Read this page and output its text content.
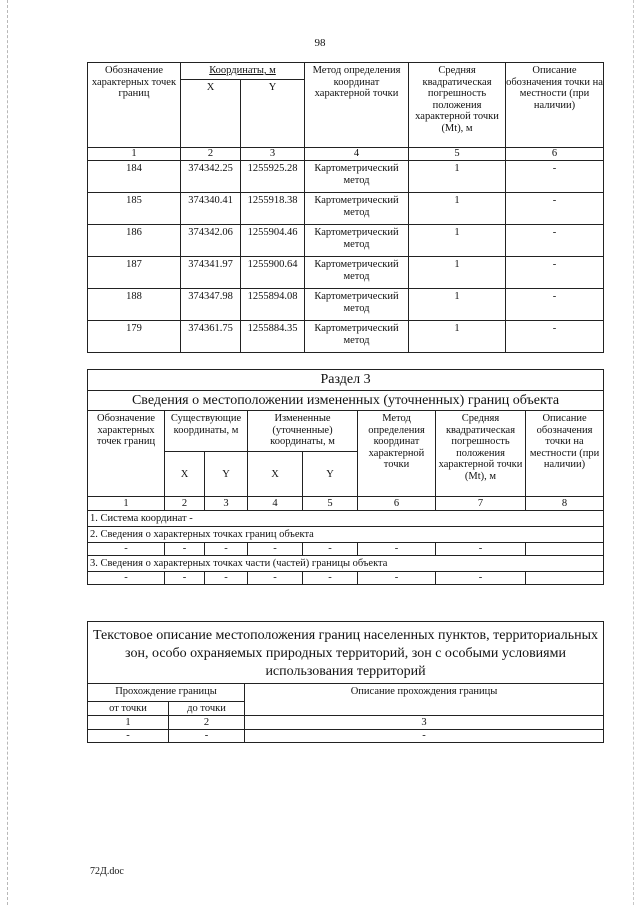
98
Обозначение характерных точек границ	Координаты, м		Метод определения координат характерной точки	Средняя квадратическая погрешность положения характерной точки (Mt), м	Описание обозначения точки на местности (при наличии)
	X	Y			
1	2	3	4	5	6
184	374342.25	1255925.28	Картометрический метод	1	-
185	374340.41	1255918.38	Картометрический метод	1	-
186	374342.06	1255904.46	Картометрический метод	1	-
187	374341.97	1255900.64	Картометрический метод	1	-
188	374347.98	1255894.08	Картометрический метод	1	-
179	374361.75	1255884.35	Картометрический метод	1	-
Раздел 3							
Сведения о местоположении измененных (уточненных) границ объекта							
Обозначение характерных точек границ	Существующие координаты, м		Измененные (уточненные) координаты, м		Метод определения координат характерной точки	Средняя квадратическая погрешность положения характерной точки (Mt), м	Описание обозначения точки на местности (при наличии)
	X	Y	X	Y			
1	2	3	4	5	6	7	8
1. Система координат -							
2. Сведения о характерных точках границ объекта							
-	-	-	-	-	-	-	
3. Сведения о характерных точках части (частей) границы объекта							
-	-	-	-	-	-	-	
Текстовое описание местоположения границ населенных пунктов, территориальных зон, особо охраняемых природных территорий, зон с особыми условиями использования территорий		
Прохождение границы		Описание прохождения границы
от точки	до точки	
1	2	3
-	-	-
72Д.doc
